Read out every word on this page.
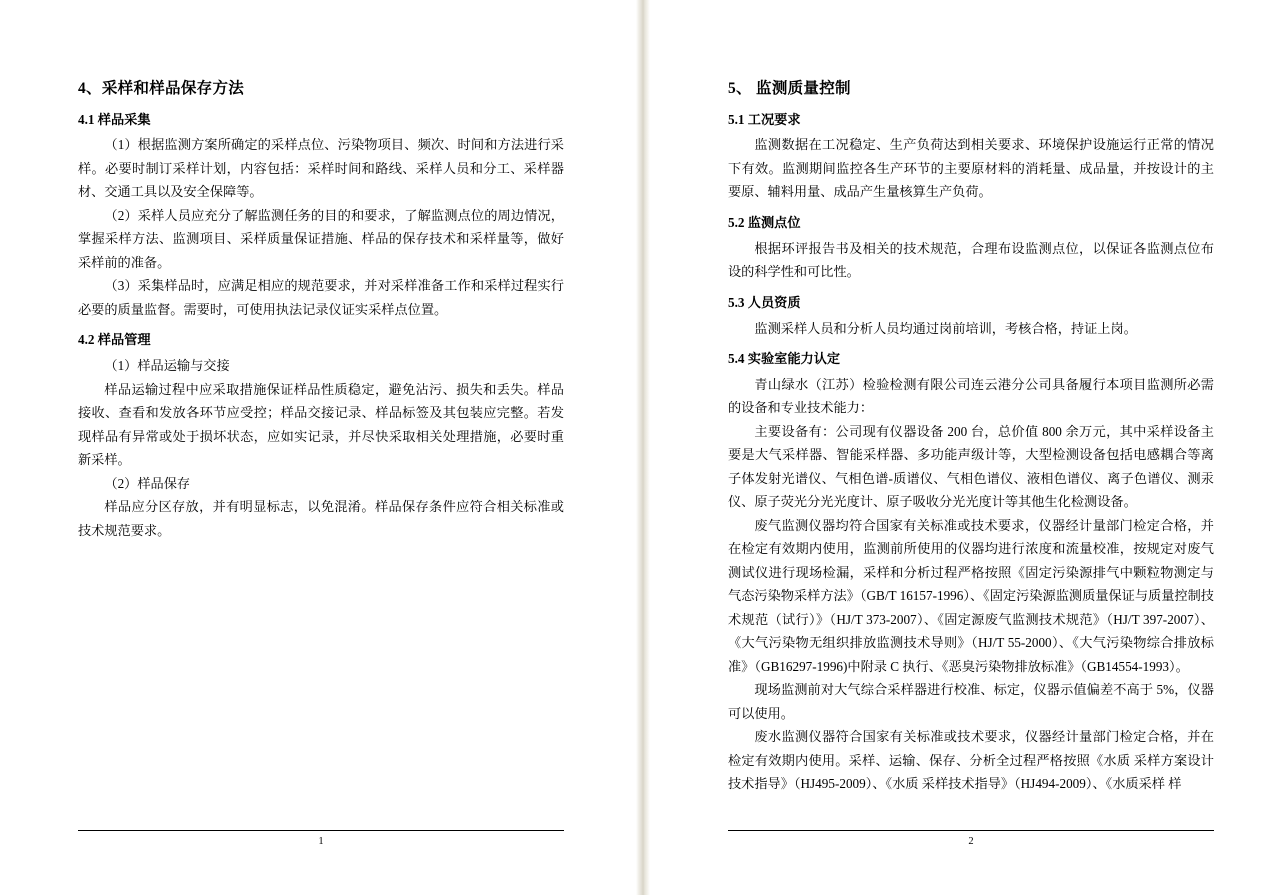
4、采样和样品保存方法
4.1 样品采集

（1）根据监测方案所确定的采样点位、污染物项目、频次、时间和方法进行采样。必要时制订采样计划，内容包括：采样时间和路线、采样人员和分工、采样器材、交通工具以及安全保障等。

（2）采样人员应充分了解监测任务的目的和要求，了解监测点位的周边情况，掌握采样方法、监测项目、采样质量保证措施、样品的保存技术和采样量等，做好采样前的准备。

（3）采集样品时，应满足相应的规范要求，并对采样准备工作和采样过程实行必要的质量监督。需要时，可使用执法记录仪证实采样点位置。

4.2 样品管理

（1）样品运输与交接

样品运输过程中应采取措施保证样品性质稳定，避免沾污、损失和丢失。样品接收、查看和发放各环节应受控；样品交接记录、样品标签及其包装应完整。若发现样品有异常或处于损坏状态，应如实记录，并尽快采取相关处理措施，必要时重新采样。

（2）样品保存

样品应分区存放，并有明显标志，以免混淆。样品保存条件应符合相关标准或技术规范要求。

1
5、 监测质量控制
5.1 工况要求

监测数据在工况稳定、生产负荷达到相关要求、环境保护设施运行正常的情况下有效。监测期间监控各生产环节的主要原材料的消耗量、成品量，并按设计的主要原、辅料用量、成品产生量核算生产负荷。

5.2 监测点位

根据环评报告书及相关的技术规范，合理布设监测点位，以保证各监测点位布设的科学性和可比性。

5.3 人员资质

监测采样人员和分析人员均通过岗前培训，考核合格，持证上岗。

5.4 实验室能力认定

青山绿水（江苏）检验检测有限公司连云港分公司具备履行本项目监测所必需的设备和专业技术能力：

主要设备有：公司现有仪器设备 200 台，总价值 800 余万元，其中采样设备主要是大气采样器、智能采样器、多功能声级计等，大型检测设备包括电感耦合等离子体发射光谱仪、气相色谱-质谱仪、气相色谱仪、液相色谱仪、离子色谱仪、测汞仪、原子荧光分光光度计、原子吸收分光光度计等其他生化检测设备。

废气监测仪器均符合国家有关标准或技术要求，仪器经计量部门检定合格，并在检定有效期内使用，监测前所使用的仪器均进行浓度和流量校准，按规定对废气测试仪进行现场检漏，采样和分析过程严格按照《固定污染源排气中颗粒物测定与气态污染物采样方法》（GB/T 16157-1996）、《固定污染源监测质量保证与质量控制技术规范（试行）》（HJ/T 373-2007）、《固定源废气监测技术规范》（HJ/T 397-2007）、《大气污染物无组织排放监测技术导则》（HJ/T 55-2000）、《大气污染物综合排放标准》（GB16297-1996)中附录 C 执行、《恶臭污染物排放标准》（GB14554-1993）。

现场监测前对大气综合采样器进行校准、标定，仪器示值偏差不高于 5%，仪器可以使用。

废水监测仪器符合国家有关标准或技术要求，仪器经计量部门检定合格，并在检定有效期内使用。采样、运输、保存、分析全过程严格按照《水质 采样方案设计技术指导》（HJ495-2009）、《水质 采样技术指导》（HJ494-2009）、《水质采样 样

2
